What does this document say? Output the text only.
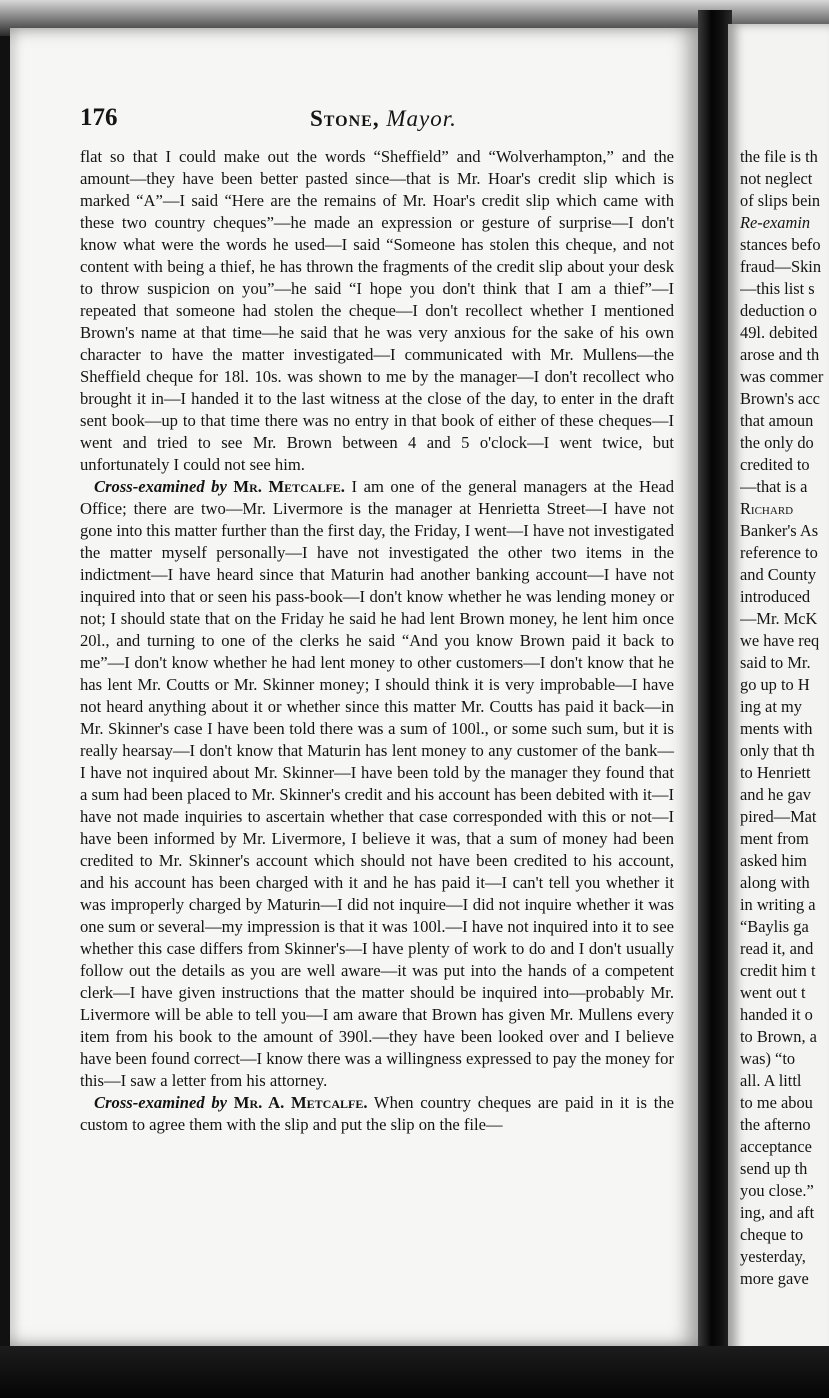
176	Stone, Mayor.

flat so that I could make out the words “Sheffield” and “Wolverhampton,” and the amount—they have been better pasted since—that is Mr. Hoar's credit slip which is marked “A”—I said “Here are the remains of Mr. Hoar's credit slip which came with these two country cheques”—he made an expression or gesture of surprise—I don't know what were the words he used—I said “Someone has stolen this cheque, and not content with being a thief, he has thrown the fragments of the credit slip about your desk to throw suspicion on you”—he said “I hope you don't think that I am a thief”—I repeated that someone had stolen the cheque—I don't recollect whether I mentioned Brown's name at that time—he said that he was very anxious for the sake of his own character to have the matter investigated—I communicated with Mr. Mullens—the Sheffield cheque for 18l. 10s. was shown to me by the manager—I don't recollect who brought it in—I handed it to the last witness at the close of the day, to enter in the draft sent book—up to that time there was no entry in that book of either of these cheques—I went and tried to see Mr. Brown between 4 and 5 o'clock—I went twice, but unfortunately I could not see him.

Cross-examined by Mr. Metcalfe. I am one of the general managers at the Head Office; there are two—Mr. Livermore is the manager at Henrietta Street—I have not gone into this matter further than the first day, the Friday, I went—I have not investigated the matter myself personally—I have not investigated the other two items in the indictment—I have heard since that Maturin had another banking account—I have not inquired into that or seen his pass-book—I don't know whether he was lending money or not; I should state that on the Friday he said he had lent Brown money, he lent him once 20l., and turning to one of the clerks he said “And you know Brown paid it back to me”—I don't know whether he had lent money to other customers—I don't know that he has lent Mr. Coutts or Mr. Skinner money; I should think it is very improbable—I have not heard anything about it or whether since this matter Mr. Coutts has paid it back—in Mr. Skinner's case I have been told there was a sum of 100l., or some such sum, but it is really hearsay—I don't know that Maturin has lent money to any customer of the bank—I have not inquired about Mr. Skinner—I have been told by the manager they found that a sum had been placed to Mr. Skinner's credit and his account has been debited with it—I have not made inquiries to ascertain whether that case corresponded with this or not—I have been informed by Mr. Livermore, I believe it was, that a sum of money had been credited to Mr. Skinner's account which should not have been credited to his account, and his account has been charged with it and he has paid it—I can't tell you whether it was improperly charged by Maturin—I did not inquire—I did not inquire whether it was one sum or several—my impression is that it was 100l.—I have not inquired into it to see whether this case differs from Skinner's—I have plenty of work to do and I don't usually follow out the details as you are well aware—it was put into the hands of a competent clerk—I have given instructions that the matter should be inquired into—probably Mr. Livermore will be able to tell you—I am aware that Brown has given Mr. Mullens every item from his book to the amount of 390l.—they have been looked over and I believe have been found correct—I know there was a willingness expressed to pay the money for this—I saw a letter from his attorney.

Cross-examined by Mr. A. Metcalfe. When country cheques are paid in it is the custom to agree them with the slip and put the slip on the file—

the file is th
not neglect
of slips bein
Re-examin
stances befo
fraud—Skin
—this list s
deduction o
49l. debited
arose and th
was commer
Brown's acc
that amoun
the only do
credited to
—that is a
Richard
Banker's As
reference to
and County
introduced
—Mr. McK
we have req
said to Mr.
go up to H
ing at my
ments with
only that th
to Henriett
and he gav
pired—Mat
ment from
asked him
along with
in writing a
“Baylis ga
read it, and
credit him t
went out t
handed it o
to Brown, a
was) “to
all. A littl
to me abou
the afterno
acceptance
send up th
you close.”
ing, and aft
cheque to
yesterday,
more gave
